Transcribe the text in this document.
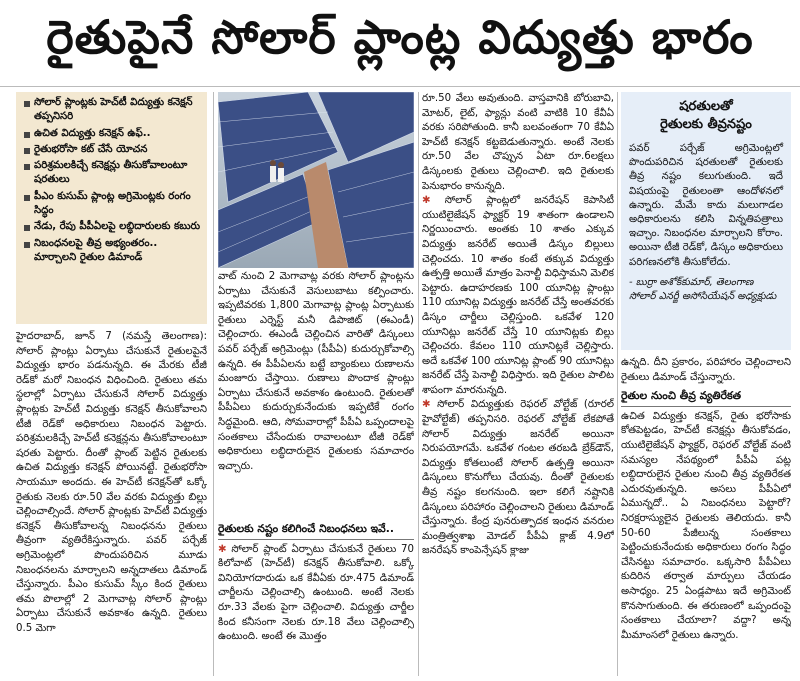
రైతుపైనే సోలార్ ప్లాంట్ల విద్యుత్తు భారం
సోలార్ ప్లాంట్లకు హెచ్‌టీ విద్యుత్తు కనెక్షన్ తప్పనిసరి
ఉచిత విద్యుత్తు కనెక్షన్ ఉఫ్..
రైతుభరోసా కట్ చేసే యోచన
పరిశ్రమలకిచ్చే కనెక్షన్లు తీసుకోవాలంటూ షరతులు
పీఎం కుసుమ్ ప్లాంట్ల అగ్రిమెంట్లకు రంగం సిద్ధం
నేడు, రేపు పీపీఏలపై లబ్ధిదారులకు కబురు
నిబంధనలపై తీవ్ర అభ్యంతరం.. మార్చాలని రైతుల డిమాండ్

హైదరాబాద్, జూన్ 7 (నమస్తే తెలంగాణ): సోలార్ ప్లాంట్లు ఏర్పాటు చేసుకునే రైతులపైనే విద్యుత్తు భారం పడనున్నది. ఈ మేరకు టీజీ రెడ్‌కో మరో నిబంధన విధించింది. రైతులు తమ స్థలాల్లో ఏర్పాటు చేసుకునే సోలార్ విద్యుత్తు ప్లాంట్లకు హెచ్‌టీ విద్యుత్తు కనెక్షన్ తీసుకోవాలని టీజీ రెడ్‌కో అధికారులు నిబంధన పెట్టారు. పరిశ్రమలకిచ్చే హెచ్‌టీ కనెక్షన్లను తీసుకోవాలంటూ షరతు పెట్టారు. దీంతో ప్లాంట్ పెట్టిన రైతులకు ఉచిత విద్యుత్తు కనెక్షన్ పోయినట్టే. రైతుభరోసా సాయమూ అందదు. ఈ హెచ్‌టీ కనెక్షన్‌తో ఒక్కో రైతుకు నెలకు రూ.50 వేల వరకు విద్యుత్తు బిల్లు చెల్లించాల్సిందే. సోలార్ ప్లాంట్లకు హెచ్‌టీ విద్యుత్తు కనెక్షన్ తీసుకోవాలన్న నిబంధనను రైతులు తీవ్రంగా వ్యతిరేకిస్తున్నారు. పవర్ పర్చేజ్ అగ్రిమెంట్లలో పొందుపరిచిన మూడు నిబంధనలను మార్చాలని అన్నదాతలు డిమాండ్ చేస్తున్నారు. పీఎం కుసుమ్ స్కీం కింద రైతులు తమ పొలాల్లో 2 మెగావాట్ల సోలార్ ప్లాంట్లు ఏర్పాటు చేసుకునే అవకాశం ఉన్నది. రైతులు 0.5 మెగా

వాట్ నుంచి 2 మెగావాట్ల వరకు సోలార్ ప్లాంట్లను ఏర్పాటు చేసుకునే వెసులుబాటు కల్పించారు. ఇప్పటివరకు 1,800 మెగావాట్ల ప్లాంట్ల ఏర్పాటుకు రైతులు ఎర్నెస్ట్ మనీ డిపాజిట్ (ఈఎండీ) చెల్లించారు. ఈఎండీ చెల్లించిన వారితో డిస్కంలు పవర్ పర్చేజ్ అగ్రిమెంట్లు (పీపీఏ) కుదుర్చుకోవాల్సి ఉన్నది. ఈ పీపీఏలను బట్టే బ్యాంకులు రుణాలను మంజూరు చేస్తాయి. రుణాలు పొందాక ప్లాంట్లు ఏర్పాటు చేసుకునే అవకాశం ఉంటుంది. రైతులతో పీపీఏలు కుదుర్చుకునేందుకు ఇప్పటికే రంగం సిద్ధమైంది. ఆది, సోమవారాల్లో పీపీఏ ఒప్పందాలపై సంతకాలు చేసేందుకు రావాలంటూ టీజీ రెడ్‌కో అధికారులు లబ్ధిదారులైన రైతులకు సమాచారం ఇచ్చారు.

రైతులకు నష్టం కలిగించే నిబంధనలు ఇవే..

✱ సోలార్ ప్లాంట్ ఏర్పాటు చేసుకునే రైతులు 70 కిలోవాట్ (హెచ్‌టీ) కనెక్షన్ తీసుకోవాలి. ఒక్కో వినియోగదారుడు ఒక కేవీఏకు రూ.475 డిమాండ్ చార్జీలను చెల్లించాల్సి ఉంటుంది. అంటే నెలకు రూ.33 వేలకు పైగా చెల్లించాలి. విద్యుత్తు చార్జీల కింద కనీసంగా నెలకు రూ.18 వేలు చెల్లించాల్సి ఉంటుంది. అంటే ఈ మొత్తం

రూ.50 వేలు అవుతుంది. వాస్తవానికి బోరుబావి, మోటర్, లైట్, ఫ్యాన్లు వంటి వాటికి 10 కేవీఏ వరకు సరిపోతుంది. కానీ బలవంతంగా 70 కేవీఏ హెచ్‌టీ కనెక్షన్ కట్టబెడుతున్నారు. అంటే నెలకు రూ.50 వేల చొప్పున ఏటా రూ.6లక్షలు డిస్కంలకు రైతులు చెల్లించాలి. ఇది రైతులకు పెనుభారం కానున్నది.

✱ సోలార్ ప్లాంట్లలో జనరేషన్ కెపాసిటీ యుటిలైజేషన్ ఫ్యాక్టర్ 19 శాతంగా ఉండాలని నిర్ణయించారు. అంతకు 10 శాతం ఎక్కువ విద్యుత్తు జనరేట్ అయితే డిస్కం బిల్లులు చెల్లించదు. 10 శాతం కంటే తక్కువ విద్యుత్తు ఉత్పత్తి అయితే మాత్రం పెనాల్టీ విధిస్తామని మెలిక పెట్టారు. ఉదాహరణకు 100 యూనిట్ల ప్లాంట్లు 110 యూనిట్ల విద్యుత్తు జనరేట్ చేస్తే అంతవరకు డిస్కం చార్జీలు చెల్లిస్తుంది. ఒకవేళ 120 యూనిట్లు జనరేట్ చేస్తే 10 యూనిట్లకు బిల్లు చెల్లించరు. కేవలం 110 యూనిట్లకే చెల్లిస్తారు. అదే ఒకవేళ 100 యూనిట్ల ప్లాంట్ 90 యూనిట్లు జనరేట్ చేస్తే పెనాల్టీ విధిస్తారు. ఇది రైతుల పాలిట శాపంగా మారనున్నది.

✱ సోలార్ విద్యుత్తుకు రెఫరల్ వోల్టేజ్ (రూరల్ హైవోల్టేజ్) తప్పనిసరి. రెఫరల్ వోల్టేజ్ లేకపోతే సోలార్ విద్యుత్తు జనరేట్ అయినా నిరుపయోగమే. ఒకవేళ గంటల తరబడి బ్రేక్‌డౌన్, విద్యుత్తు కోతలుంటే సోలార్ ఉత్పత్తి అయినా డిస్కంలు కొనుగోలు చేయవు. దీంతో రైతులకు తీవ్ర నష్టం కలగనుంది. ఇలా కలిగే నష్టానికి డిస్కంలు పరిహారం చెల్లించాలని రైతులు డిమాండ్ చేస్తున్నారు. కేంద్ర పునరుత్పాదక ఇంధన వనరుల మంత్రిత్వశాఖ మోడల్ పీపీఏ క్లాజ్ 4.9లో జనరేషన్ కాంపెన్సేషన్ క్లాజు

షరతులతో
రైతులకు తీవ్రనష్టం
పవర్ పర్చేజ్ అగ్రిమెంట్లలో పొందుపరిచిన షరతులతో రైతులకు తీవ్ర నష్టం కలుగుతుంది. ఇదే విషయంపై రైతులంతా ఆందోళనలో ఉన్నారు. మేమే కాదు మలుగాడల అధికారులను కలిసి విన్నతిపత్రాలు ఇచ్చాం. నిబంధనల మార్చాలని కోరాం. అయినా టీజీ రెడ్‌కో, డిస్కం అధికారులు పరిగణనలోకి తీసుకోలేదు.
- బుర్రా అశోక్‌కుమార్, తెలంగాణ సోలార్ ఎనర్జీ అసోసియేషన్ అధ్యక్షుడు

ఉన్నది. దీని ప్రకారం, పరిహారం చెల్లించాలని రైతులు డిమాండ్ చేస్తున్నారు.

రైతుల నుంచి తీవ్ర వ్యతిరేకత

ఉచిత విద్యుత్తు కనెక్షన్, రైతు భరోసాకు కోతపెట్టడం, హెచ్‌టీ కనెక్షన్లు తీసుకోవడం, యుటిలైజేషన్ ఫ్యాక్టర్, రెఫరల్ వోల్టేజ్ వంటి సమస్యల నేపథ్యంలో పీపీఏ పట్ల లబ్ధిదారులైన రైతుల నుంచి తీవ్ర వ్యతిరేకత ఎదురవుతున్నది. అసలు పీపీఏలో ఏమున్నదో.. ఏ నిబంధనలు పెట్టారో? నిరక్షరాస్యులైన రైతులకు తెలియదు. కానీ 50-60 పేజీలున్న సంతకాలు పెట్టించుకునేందుకు అధికారులు రంగం సిద్ధం చేసినట్టు సమాచారం. ఒక్కసారి పీపీఏలు కుదిరిన తర్వాత మార్పులు చేయడం అసాధ్యం. 25 ఏండ్లపాటు ఇదే అగ్రిమెంట్ కొనసాగుతుంది. ఈ తరుణంలో ఒప్పందంపై సంతకాలు చేయాలా? వద్దా? అన్న మీమాంసలో రైతులు ఉన్నారు.
